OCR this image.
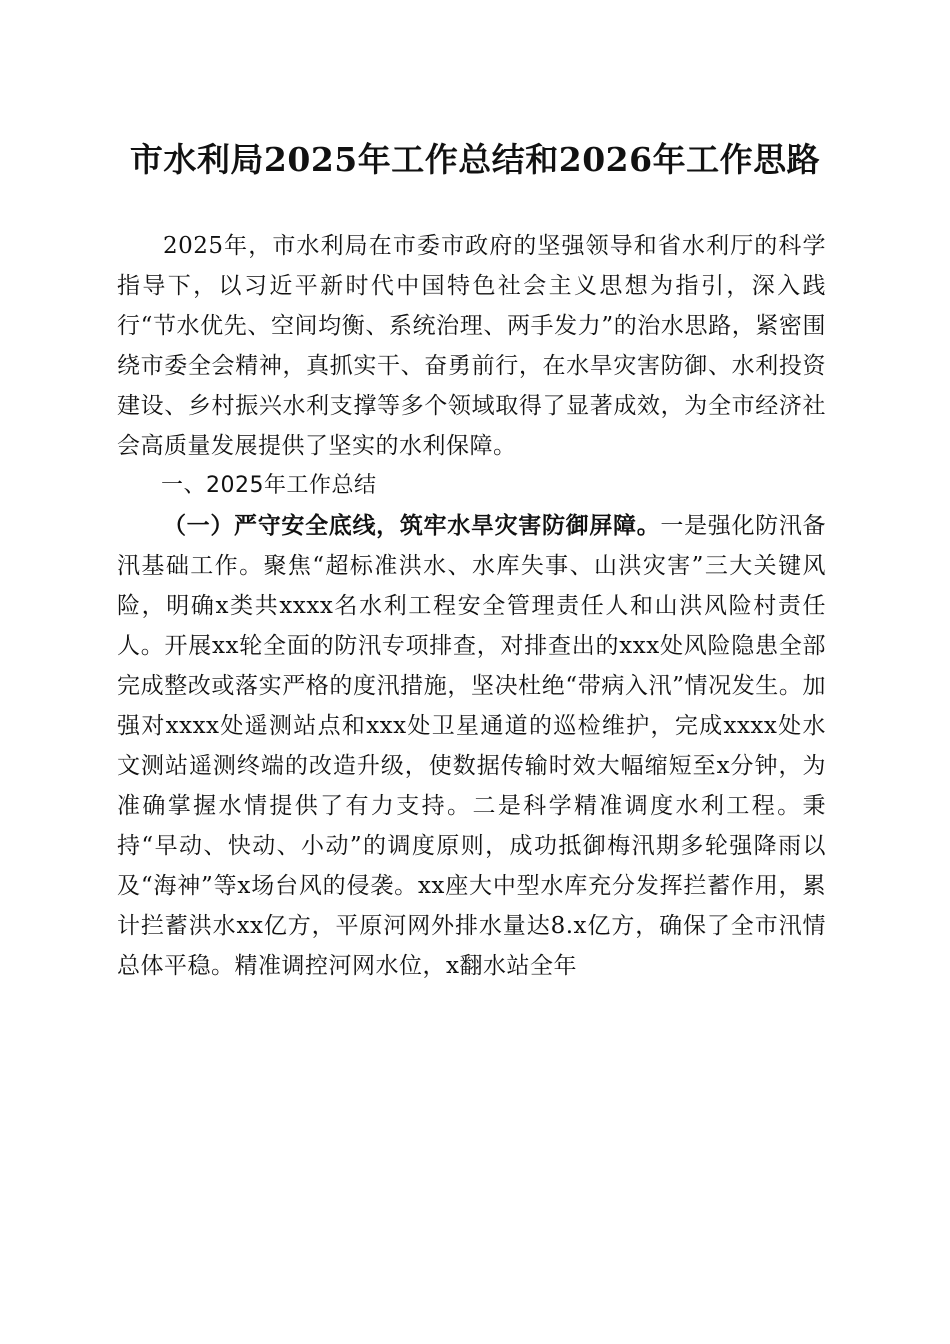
市水利局2025年工作总结和2026年工作思路

2025年，市水利局在市委市政府的坚强领导和省水利厅的科学指导下，以习近平新时代中国特色社会主义思想为指引，深入践行“节水优先、空间均衡、系统治理、两手发力”的治水思路，紧密围绕市委全会精神，真抓实干、奋勇前行，在水旱灾害防御、水利投资建设、乡村振兴水利支撑等多个领域取得了显著成效，为全市经济社会高质量发展提供了坚实的水利保障。

一、2025年工作总结

（一）严守安全底线，筑牢水旱灾害防御屏障。一是强化防汛备汛基础工作。聚焦“超标准洪水、水库失事、山洪灾害”三大关键风险，明确x类共xxxx名水利工程安全管理责任人和山洪风险村责任人。开展xx轮全面的防汛专项排查，对排查出的xxx处风险隐患全部完成整改或落实严格的度汛措施，坚决杜绝“带病入汛”情况发生。加强对xxxx处遥测站点和xxx处卫星通道的巡检维护，完成xxxx处水文测站遥测终端的改造升级，使数据传输时效大幅缩短至x分钟，为准确掌握水情提供了有力支持。二是科学精准调度水利工程。秉持“早动、快动、小动”的调度原则，成功抵御梅汛期多轮强降雨以及“海神”等x场台风的侵袭。xx座大中型水库充分发挥拦蓄作用，累计拦蓄洪水xx亿方，平原河网外排水量达8.x亿方，确保了全市汛情总体平稳。精准调控河网水位，x翻水站全年
